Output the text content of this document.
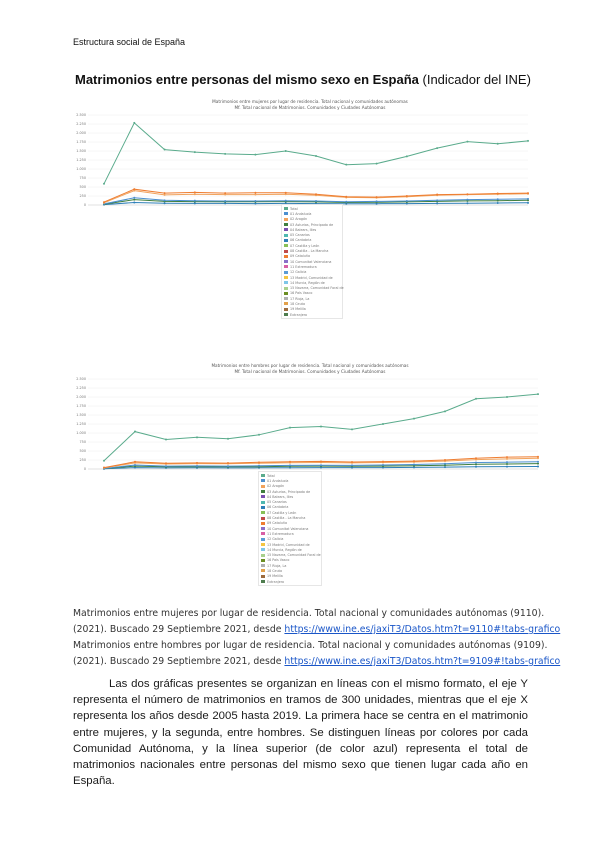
Estructura social de España
Matrimonios entre personas del mismo sexo en España (Indicador del INE)
Matrimonios entre mujeres por lugar de residencia. Total nacional y comunidades autónomas
Mf. Total nacional de Matrimonios. Comunidades y Ciudades Autónomas
2.500
2.250
2.000
1.750
1.500
1.250
1.000
750
500
250
0
Total
01 Andalucía
02 Aragón
03 Asturias, Principado de
04 Balears, Illes
05 Canarias
06 Cantabria
07 Castilla y León
08 Castilla - La Mancha
09 Cataluña
10 Comunitat Valenciana
11 Extremadura
12 Galicia
13 Madrid, Comunidad de
14 Murcia, Región de
15 Navarra, Comunidad Foral de
16 País Vasco
17 Rioja, La
18 Ceuta
19 Melilla
Extranjero
Matrimonios entre hombres por lugar de residencia. Total nacional y comunidades autónomas
Mf. Total nacional de Matrimonios. Comunidades y Ciudades Autónomas
2.500
2.250
2.000
1.750
1.500
1.250
1.000
750
500
250
0
Total
01 Andalucía
02 Aragón
03 Asturias, Principado de
04 Balears, Illes
05 Canarias
06 Cantabria
07 Castilla y León
08 Castilla - La Mancha
09 Cataluña
10 Comunitat Valenciana
11 Extremadura
12 Galicia
13 Madrid, Comunidad de
14 Murcia, Región de
15 Navarra, Comunidad Foral de
16 País Vasco
17 Rioja, La
18 Ceuta
19 Melilla
Extranjero
Matrimonios entre mujeres por lugar de residencia. Total nacional y comunidades autónomas (9110).
(2021). Buscado 29 Septiembre 2021, desde https://www.ine.es/jaxiT3/Datos.htm?t=9110#!tabs-grafico
Matrimonios entre hombres por lugar de residencia. Total nacional y comunidades autónomas (9109).
(2021). Buscado 29 Septiembre 2021, desde https://www.ine.es/jaxiT3/Datos.htm?t=9109#!tabs-grafico
Las dos gráficas presentes se organizan en líneas con el mismo formato, el eje Y representa el número de matrimonios en tramos de 300 unidades, mientras que el eje X representa los años desde 2005 hasta 2019. La primera hace se centra en el matrimonio entre mujeres, y la segunda, entre hombres. Se distinguen líneas por colores por cada Comunidad Autónoma, y la línea superior (de color azul) representa el total de matrimonios nacionales entre personas del mismo sexo que tienen lugar cada año en España.
